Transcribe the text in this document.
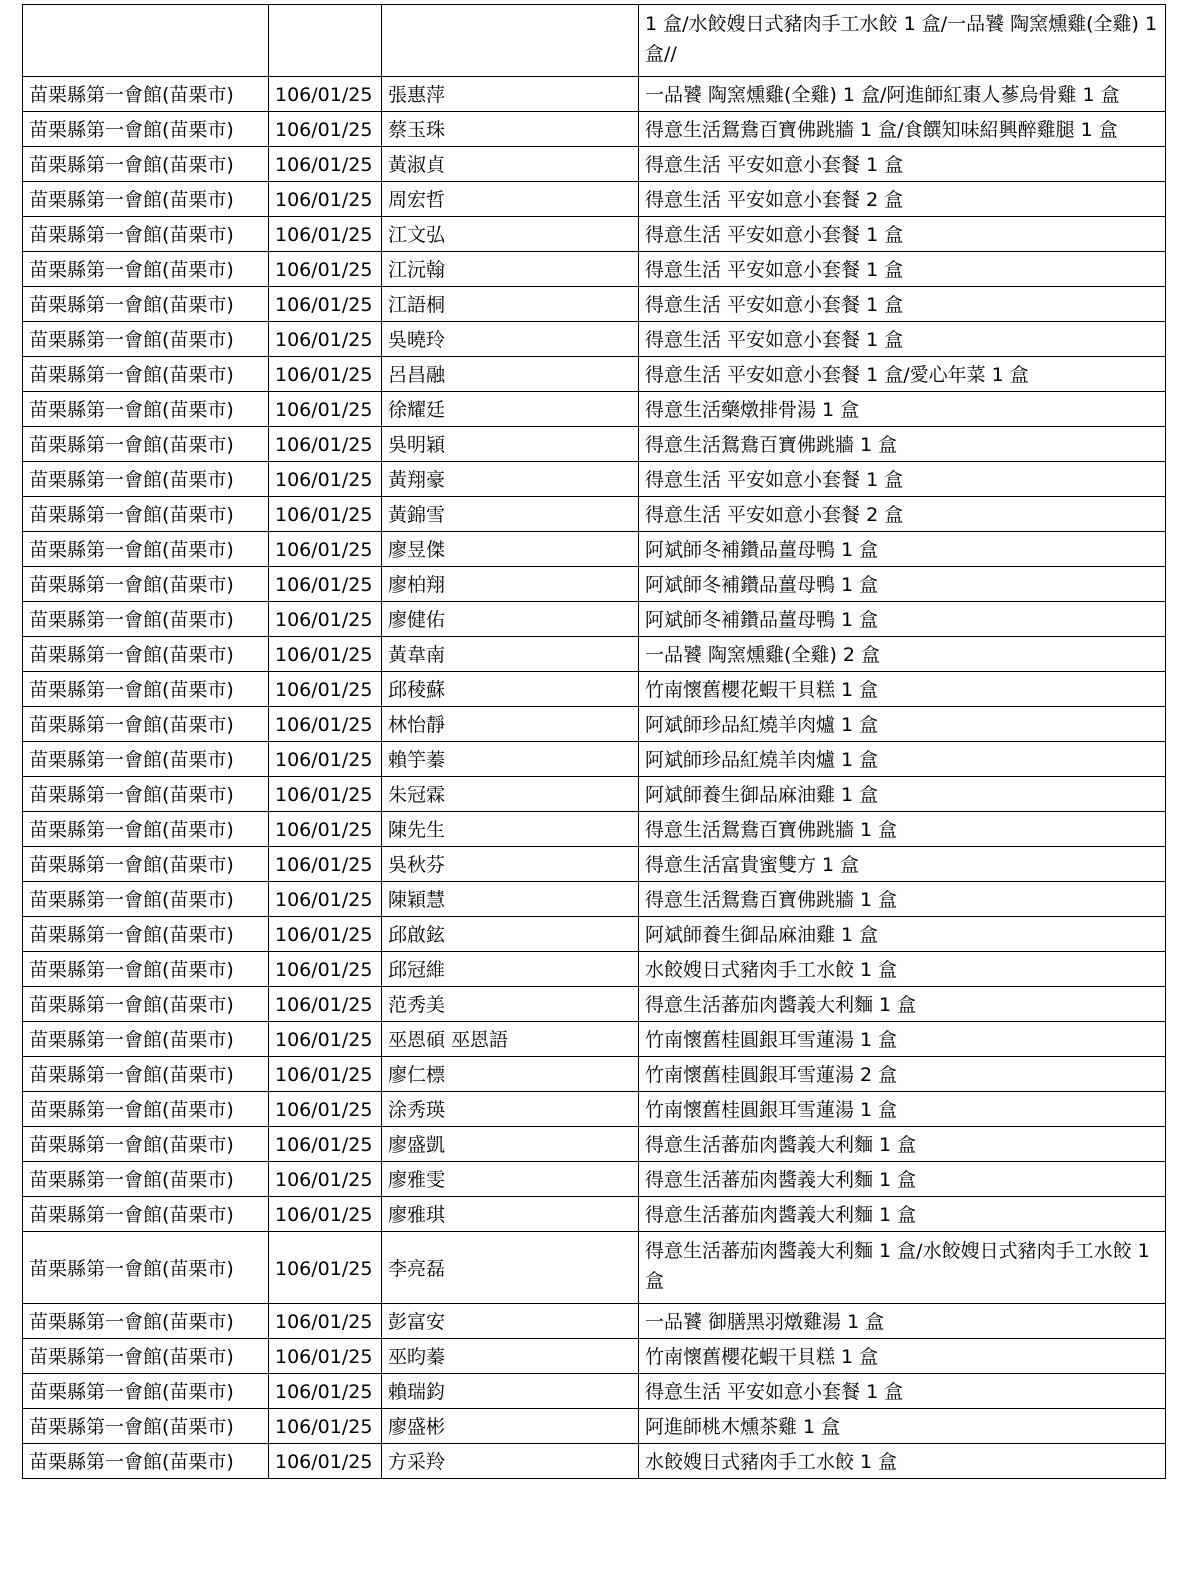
			1 盒/水餃嫂日式豬肉手工水餃 1 盒/一品饕 陶窯燻雞(全雞) 1 盒//
苗栗縣第一會館(苗栗市)	106/01/25	張惠萍	一品饕 陶窯燻雞(全雞) 1 盒/阿進師紅棗人蔘烏骨雞 1 盒
苗栗縣第一會館(苗栗市)	106/01/25	蔡玉珠	得意生活鴛鴦百寶佛跳牆 1 盒/食饌知味紹興醉雞腿 1 盒
苗栗縣第一會館(苗栗市)	106/01/25	黃淑貞	得意生活 平安如意小套餐 1 盒
苗栗縣第一會館(苗栗市)	106/01/25	周宏哲	得意生活 平安如意小套餐 2 盒
苗栗縣第一會館(苗栗市)	106/01/25	江文弘	得意生活 平安如意小套餐 1 盒
苗栗縣第一會館(苗栗市)	106/01/25	江沅翰	得意生活 平安如意小套餐 1 盒
苗栗縣第一會館(苗栗市)	106/01/25	江語桐	得意生活 平安如意小套餐 1 盒
苗栗縣第一會館(苗栗市)	106/01/25	吳曉玲	得意生活 平安如意小套餐 1 盒
苗栗縣第一會館(苗栗市)	106/01/25	呂昌融	得意生活 平安如意小套餐 1 盒/愛心年菜 1 盒
苗栗縣第一會館(苗栗市)	106/01/25	徐耀廷	得意生活藥燉排骨湯 1 盒
苗栗縣第一會館(苗栗市)	106/01/25	吳明穎	得意生活鴛鴦百寶佛跳牆 1 盒
苗栗縣第一會館(苗栗市)	106/01/25	黃翔豪	得意生活 平安如意小套餐 1 盒
苗栗縣第一會館(苗栗市)	106/01/25	黃錦雪	得意生活 平安如意小套餐 2 盒
苗栗縣第一會館(苗栗市)	106/01/25	廖昱傑	阿斌師冬補鑽品薑母鴨 1 盒
苗栗縣第一會館(苗栗市)	106/01/25	廖柏翔	阿斌師冬補鑽品薑母鴨 1 盒
苗栗縣第一會館(苗栗市)	106/01/25	廖健佑	阿斌師冬補鑽品薑母鴨 1 盒
苗栗縣第一會館(苗栗市)	106/01/25	黃韋南	一品饕 陶窯燻雞(全雞) 2 盒
苗栗縣第一會館(苗栗市)	106/01/25	邱稜蘇	竹南懷舊櫻花蝦干貝糕 1 盒
苗栗縣第一會館(苗栗市)	106/01/25	林怡靜	阿斌師珍品紅燒羊肉爐 1 盒
苗栗縣第一會館(苗栗市)	106/01/25	賴竽蓁	阿斌師珍品紅燒羊肉爐 1 盒
苗栗縣第一會館(苗栗市)	106/01/25	朱冠霖	阿斌師養生御品麻油雞 1 盒
苗栗縣第一會館(苗栗市)	106/01/25	陳先生	得意生活鴛鴦百寶佛跳牆 1 盒
苗栗縣第一會館(苗栗市)	106/01/25	吳秋芬	得意生活富貴蜜雙方 1 盒
苗栗縣第一會館(苗栗市)	106/01/25	陳穎慧	得意生活鴛鴦百寶佛跳牆 1 盒
苗栗縣第一會館(苗栗市)	106/01/25	邱啟鉉	阿斌師養生御品麻油雞 1 盒
苗栗縣第一會館(苗栗市)	106/01/25	邱冠維	水餃嫂日式豬肉手工水餃 1 盒
苗栗縣第一會館(苗栗市)	106/01/25	范秀美	得意生活蕃茄肉醬義大利麵 1 盒
苗栗縣第一會館(苗栗市)	106/01/25	巫恩碩 巫恩語	竹南懷舊桂圓銀耳雪蓮湯 1 盒
苗栗縣第一會館(苗栗市)	106/01/25	廖仁標	竹南懷舊桂圓銀耳雪蓮湯 2 盒
苗栗縣第一會館(苗栗市)	106/01/25	涂秀瑛	竹南懷舊桂圓銀耳雪蓮湯 1 盒
苗栗縣第一會館(苗栗市)	106/01/25	廖盛凱	得意生活蕃茄肉醬義大利麵 1 盒
苗栗縣第一會館(苗栗市)	106/01/25	廖雅雯	得意生活蕃茄肉醬義大利麵 1 盒
苗栗縣第一會館(苗栗市)	106/01/25	廖雅琪	得意生活蕃茄肉醬義大利麵 1 盒
苗栗縣第一會館(苗栗市)	106/01/25	李亮磊	得意生活蕃茄肉醬義大利麵 1 盒/水餃嫂日式豬肉手工水餃 1 盒
苗栗縣第一會館(苗栗市)	106/01/25	彭富安	一品饕 御膳黑羽燉雞湯 1 盒
苗栗縣第一會館(苗栗市)	106/01/25	巫昀蓁	竹南懷舊櫻花蝦干貝糕 1 盒
苗栗縣第一會館(苗栗市)	106/01/25	賴瑞鈞	得意生活 平安如意小套餐 1 盒
苗栗縣第一會館(苗栗市)	106/01/25	廖盛彬	阿進師桃木燻茶雞 1 盒
苗栗縣第一會館(苗栗市)	106/01/25	方采羚	水餃嫂日式豬肉手工水餃 1 盒
